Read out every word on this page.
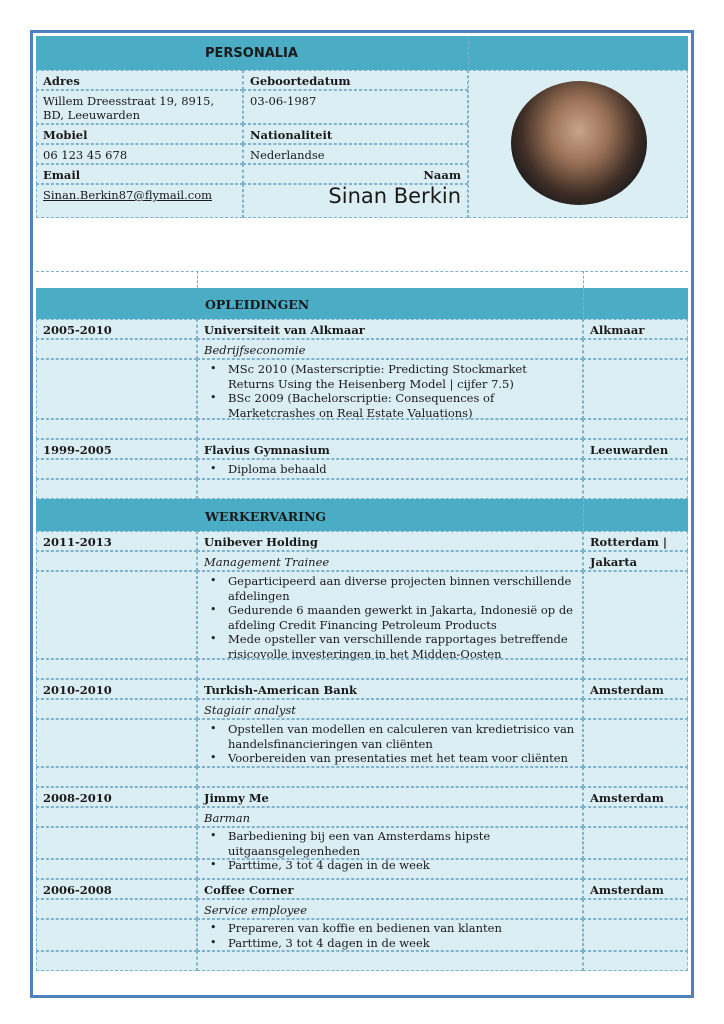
PERSONALIA
Adres	Geboortedatum
Willem Dreesstraat 19, 8915, BD, Leeuwarden
03-06-1987
Mobiel	Nationaliteit
06 123 45 678	Nederlandse
Email	Naam
Sinan.Berkin87@flymail.com	Sinan Berkin
OPLEIDINGEN
2005-2010	Universiteit van Alkmaar	Alkmaar
Bedrijfseconomie
• MSc 2010 (Masterscriptie: Predicting Stockmarket Returns Using the Heisenberg Model | cijfer 7.5)
• BSc 2009 (Bachelorscriptie: Consequences of Marketcrashes on Real Estate Valuations)
1999-2005	Flavius Gymnasium	Leeuwarden
• Diploma behaald
WERKERVARING
2011-2013	Unibever Holding	Rotterdam |
Management Trainee	Jakarta
• Geparticipeerd aan diverse projecten binnen verschillende afdelingen
• Gedurende 6 maanden gewerkt in Jakarta, Indonesië op de afdeling Credit Financing Petroleum Products
• Mede opsteller van verschillende rapportages betreffende risicovolle investeringen in het Midden-Oosten
2010-2010	Turkish-American Bank	Amsterdam
Stagiair analyst
• Opstellen van modellen en calculeren van kredietrisico van handelsfinancieringen van cliënten
• Voorbereiden van presentaties met het team voor cliënten
2008-2010	Jimmy Me	Amsterdam
Barman
• Barbediening bij een van Amsterdams hipste uitgaansgelegenheden
• Parttime, 3 tot 4 dagen in de week
2006-2008	Coffee Corner	Amsterdam
Service employee
• Prepareren van koffie en bedienen van klanten
• Parttime, 3 tot 4 dagen in de week
